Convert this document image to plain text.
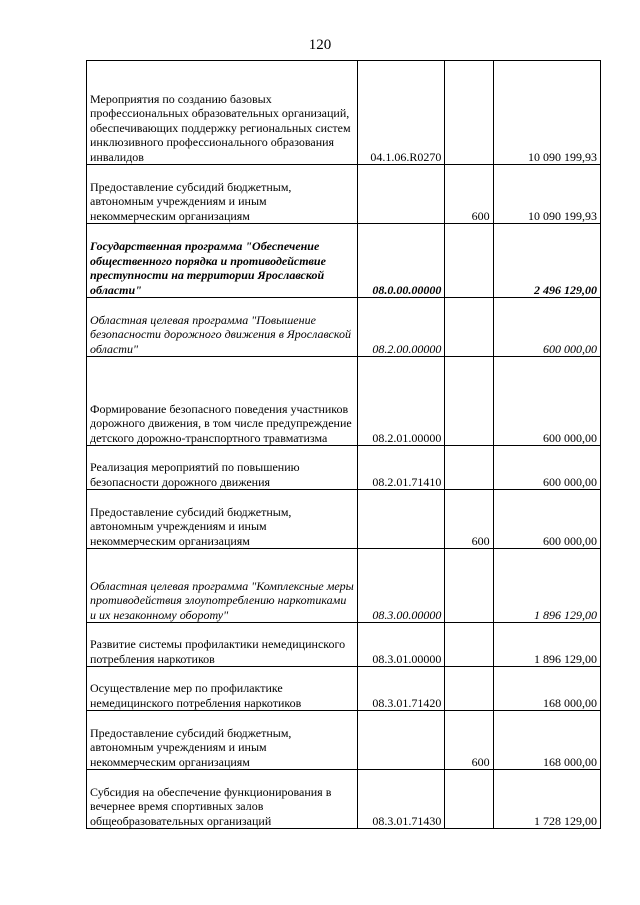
120
Мероприятия по созданию базовых профессиональных образовательных организаций, обеспечивающих поддержку региональных систем инклюзивного профессионального образования инвалидов	04.1.06.R0270		10 090 199,93
Предоставление субсидий бюджетным, автономным учреждениям и иным некоммерческим организациям		600	10 090 199,93
Государственная программа "Обеспечение общественного порядка и противодействие преступности на территории Ярославской области"	08.0.00.00000		2 496 129,00
Областная целевая программа "Повышение безопасности дорожного движения в Ярославской области"	08.2.00.00000		600 000,00
Формирование безопасного поведения участников дорожного движения, в том числе предупреждение детского дорожно-транспортного травматизма	08.2.01.00000		600 000,00
Реализация мероприятий по повышению безопасности дорожного движения	08.2.01.71410		600 000,00
Предоставление субсидий бюджетным, автономным учреждениям и иным некоммерческим организациям		600	600 000,00
Областная целевая программа "Комплексные меры противодействия злоупотреблению наркотиками и их незаконному обороту"	08.3.00.00000		1 896 129,00
Развитие системы профилактики немедицинского потребления наркотиков	08.3.01.00000		1 896 129,00
Осуществление мер по профилактике немедицинского потребления наркотиков	08.3.01.71420		168 000,00
Предоставление субсидий бюджетным, автономным учреждениям и иным некоммерческим организациям		600	168 000,00
Субсидия на обеспечение функционирования в вечернее время спортивных залов общеобразовательных организаций	08.3.01.71430		1 728 129,00
